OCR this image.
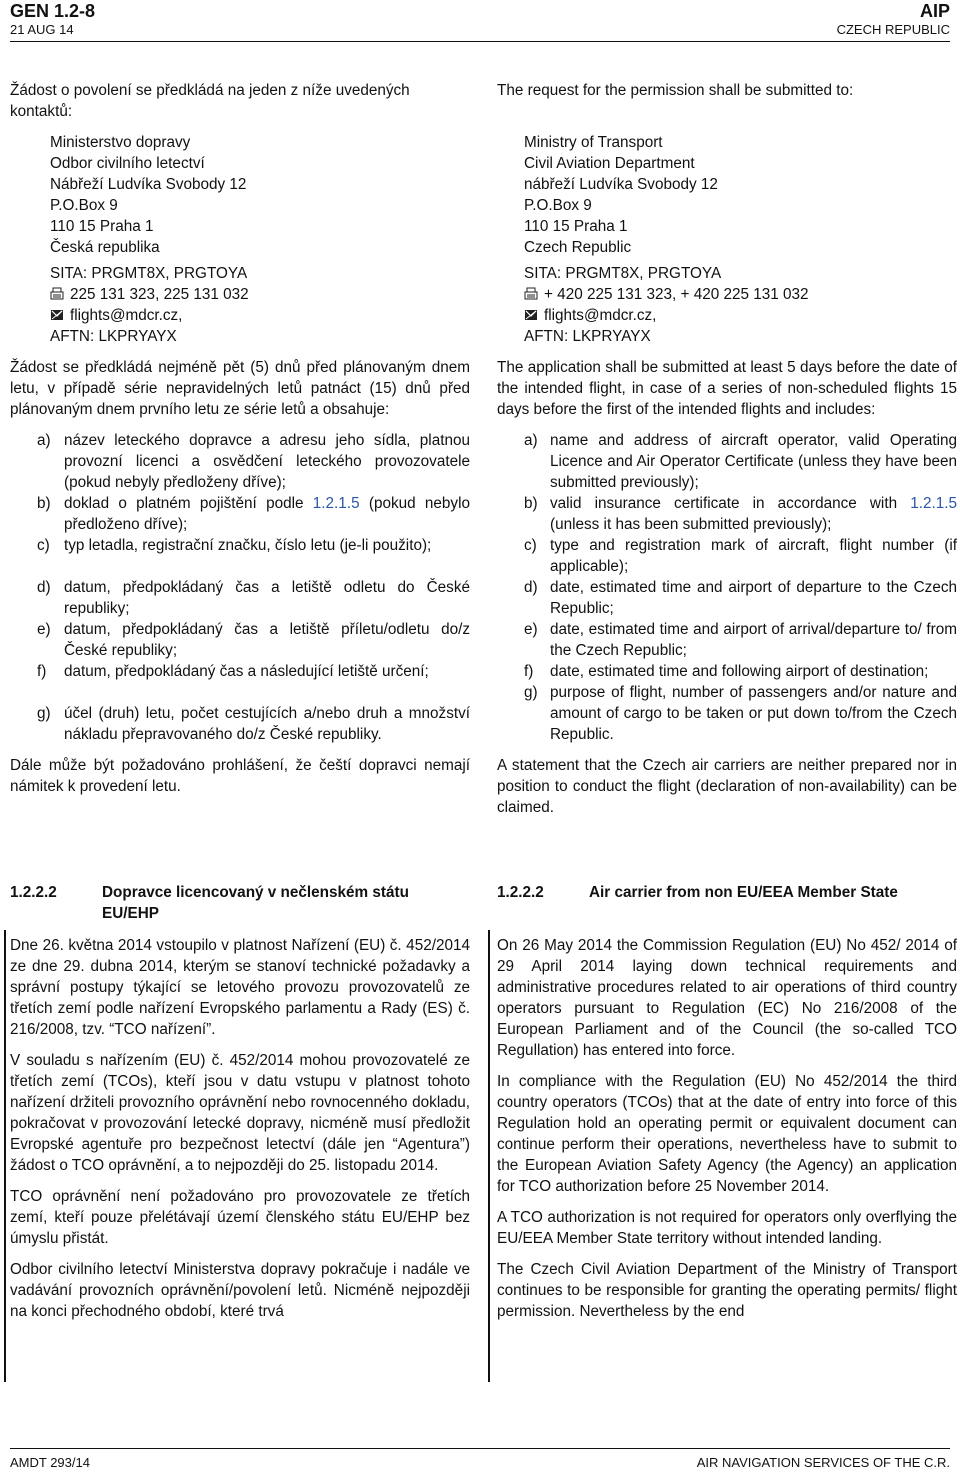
GEN 1.2-8
21 AUG 14
AIP
CZECH REPUBLIC

Žádost o povolení se předkládá na jeden z níže uvedených kontaktů:

Ministerstvo dopravy
Odbor civilního letectví
Nábřeží Ludvíka Svobody 12
P.O.Box 9
110 15 Praha 1
Česká republika
SITA: PRGMT8X, PRGTOYA
225 131 323, 225 131 032
flights@mdcr.cz,
AFTN: LKPRYAYX

Žádost se předkládá nejméně pět (5) dnů před plánovaným dnem letu, v případě série nepravidelných letů patnáct (15) dnů před plánovaným dnem prvního letu ze série letů a obsahuje:

a) název leteckého dopravce a adresu jeho sídla, platnou provozní licenci a osvědčení leteckého provozovatele (pokud nebyly předloženy dříve);
b) doklad o platném pojištění podle 1.2.1.5 (pokud nebylo předloženo dříve);
c) typ letadla, registrační značku, číslo letu (je-li použito);
d) datum, předpokládaný čas a letiště odletu do České republiky;
e) datum, předpokládaný čas a letiště příletu/odletu do/z České republiky;
f) datum, předpokládaný čas a následující letiště určení;
g) účel (druh) letu, počet cestujících a/nebo druh a množství nákladu přepravovaného do/z České republiky.

Dále může být požadováno prohlášení, že čeští dopravci nemají námitek k provedení letu.

The request for the permission shall be submitted to:

Ministry of Transport
Civil Aviation Department
nábřeží Ludvíka Svobody 12
P.O.Box 9
110 15 Praha 1
Czech Republic
SITA: PRGMT8X, PRGTOYA
+ 420 225 131 323, + 420 225 131 032
flights@mdcr.cz,
AFTN: LKPRYAYX

The application shall be submitted at least 5 days before the date of the intended flight, in case of a series of non-scheduled flights 15 days before the first of the intended flights and includes:

a) name and address of aircraft operator, valid Operating Licence and Air Operator Certificate (unless they have been submitted previously);
b) valid insurance certificate in accordance with 1.2.1.5 (unless it has been submitted previously);
c) type and registration mark of aircraft, flight number (if applicable);
d) date, estimated time and airport of departure to the Czech Republic;
e) date, estimated time and airport of arrival/departure to/ from the Czech Republic;
f) date, estimated time and following airport of destination;
g) purpose of flight, number of passengers and/or nature and amount of cargo to be taken or put down to/from the Czech Republic.

A statement that the Czech air carriers are neither prepared nor in position to conduct the flight (declaration of non-availability) can be claimed.

1.2.2.2	Dopravce licencovaný v nečlenském státu EU/EHP
1.2.2.2	Air carrier from non EU/EEA Member State

Dne 26. května 2014 vstoupilo v platnost Nařízení (EU) č. 452/2014 ze dne 29. dubna 2014, kterým se stanoví technické požadavky a správní postupy týkající se letového provozu provozovatelů ze třetích zemí podle nařízení Evropského parlamentu a Rady (ES) č. 216/2008, tzv. “TCO nařízení”.

V souladu s nařízením (EU) č. 452/2014 mohou provozovatelé ze třetích zemí (TCOs), kteří jsou v datu vstupu v platnost tohoto nařízení držiteli provozního oprávnění nebo rovnocenného dokladu, pokračovat v provozování letecké dopravy, nicméně musí předložit Evropské agentuře pro bezpečnost letectví (dále jen “Agentura”) žádost o TCO oprávnění, a to nejpozději do 25. listopadu 2014.

TCO oprávnění není požadováno pro provozovatele ze třetích zemí, kteří pouze přelétávají území členského státu EU/EHP bez úmyslu přistát.

Odbor civilního letectví Ministerstva dopravy pokračuje i nadále ve vadávání provozních oprávnění/povolení letů. Nicméně nejpozději na konci přechodného období, které trvá

On 26 May 2014 the Commission Regulation (EU) No 452/ 2014 of 29 April 2014 laying down technical requirements and administrative procedures related to air operations of third country operators pursuant to Regulation (EC) No 216/2008 of the European Parliament and of the Council (the so-called TCO Regullation) has entered into force.

In compliance with the Regulation (EU) No 452/2014 the third country operators (TCOs) that at the date of entry into force of this Regulation hold an operating permit or equivalent document can continue perform their operations, nevertheless have to submit to the European Aviation Safety Agency (the Agency) an application for TCO authorization before 25 November 2014.

A TCO authorization is not required for operators only overflying the EU/EEA Member State territory without intended landing.

The Czech Civil Aviation Department of the Ministry of Transport continues to be responsible for granting the operating permits/ flight permission. Nevertheless by the end

AMDT 293/14	AIR NAVIGATION SERVICES OF THE C.R.
